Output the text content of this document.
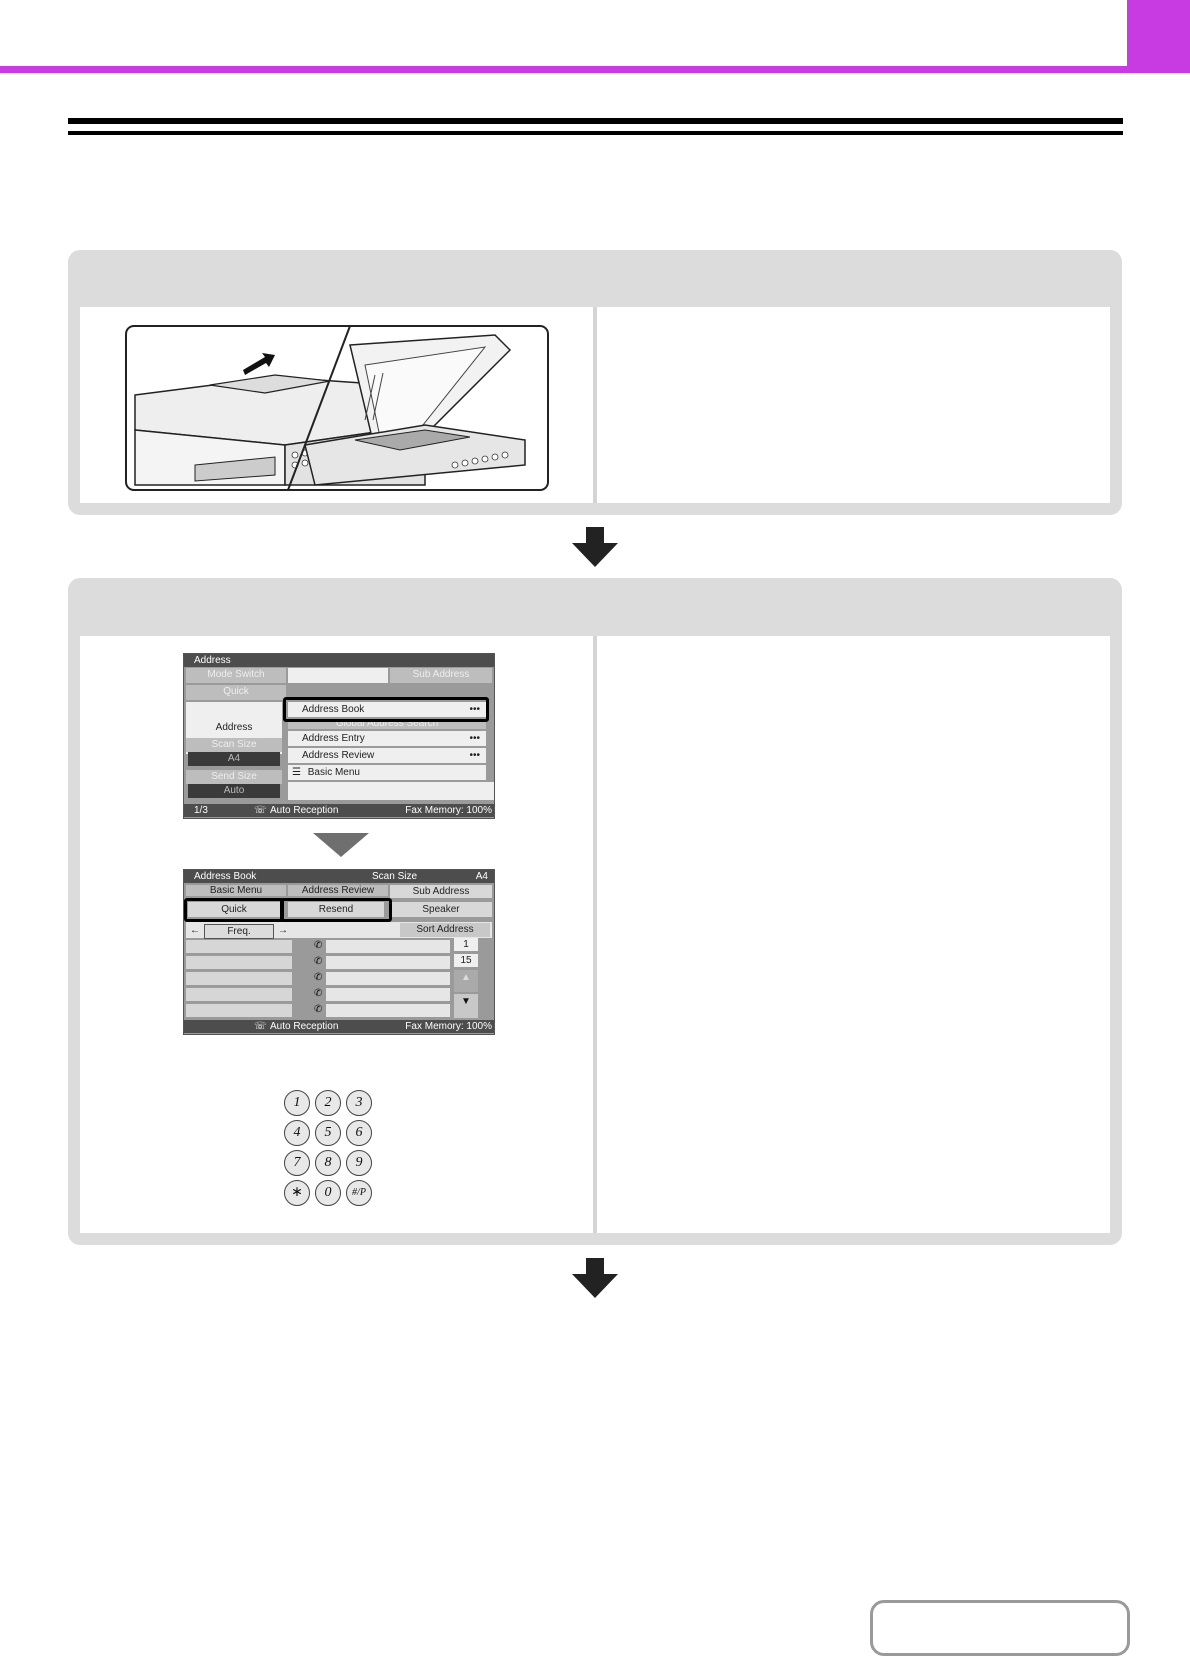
Address
Mode Switch	Sub Address
Quick
Address
Scan Size
A4
Send Size
Auto
Address Book	•••
Global Address Search
Address Entry	•••
Address Review	•••
☰ Basic Menu
1/3	☏ Auto Reception	Fax Memory: 100%
Address Book	Scan Size	A4
Basic Menu	Address Review	Sub Address
Quick	Resend	Speaker
←	Freq.	→	Sort Address
✆
✆
✆
✆
✆
1
15
▲
▼
☏ Auto Reception	Fax Memory: 100%
1	2	3
4	5	6
7	8	9
∗	0	#/P
